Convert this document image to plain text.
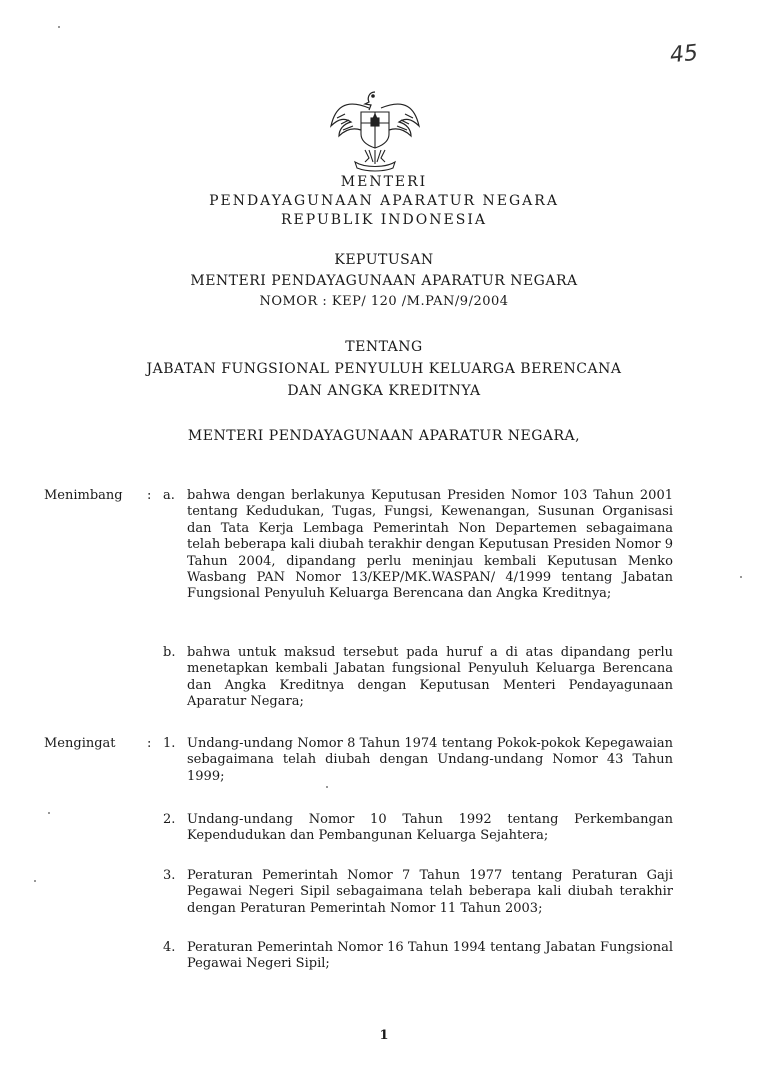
45
MENTERI
PENDAYAGUNAAN APARATUR NEGARA
REPUBLIK INDONESIA
KEPUTUSAN
MENTERI PENDAYAGUNAAN APARATUR NEGARA
NOMOR : KEP/ 120 /M.PAN/9/2004
TENTANG
JABATAN FUNGSIONAL PENYULUH KELUARGA BERENCANA
DAN ANGKA KREDITNYA
MENTERI PENDAYAGUNAAN APARATUR NEGARA,
Menimbang : a. bahwa dengan berlakunya Keputusan Presiden Nomor 103 Tahun 2001 tentang Kedudukan, Tugas, Fungsi, Kewenangan, Susunan Organisasi dan Tata Kerja Lembaga Pemerintah Non Departemen sebagaimana telah beberapa kali diubah terakhir dengan Keputusan Presiden Nomor 9 Tahun 2004, dipandang perlu meninjau kembali Keputusan Menko Wasbang PAN Nomor 13/KEP/MK.WASPAN/ 4/1999 tentang Jabatan Fungsional Penyuluh Keluarga Berencana dan Angka Kreditnya;
b. bahwa untuk maksud tersebut pada huruf a di atas dipandang perlu menetapkan kembali Jabatan fungsional Penyuluh Keluarga Berencana dan Angka Kreditnya dengan Keputusan Menteri Pendayagunaan Aparatur Negara;
Mengingat : 1. Undang-undang Nomor 8 Tahun 1974 tentang Pokok-pokok Kepegawaian sebagaimana telah diubah dengan Undang-undang Nomor 43 Tahun 1999;
2. Undang-undang Nomor 10 Tahun 1992 tentang Perkembangan Kependudukan dan Pembangunan Keluarga Sejahtera;
3. Peraturan Pemerintah Nomor 7 Tahun 1977 tentang Peraturan Gaji Pegawai Negeri Sipil sebagaimana telah beberapa kali diubah terakhir dengan Peraturan Pemerintah Nomor 11 Tahun 2003;
4. Peraturan Pemerintah Nomor 16 Tahun 1994 tentang Jabatan Fungsional Pegawai Negeri Sipil;
1
